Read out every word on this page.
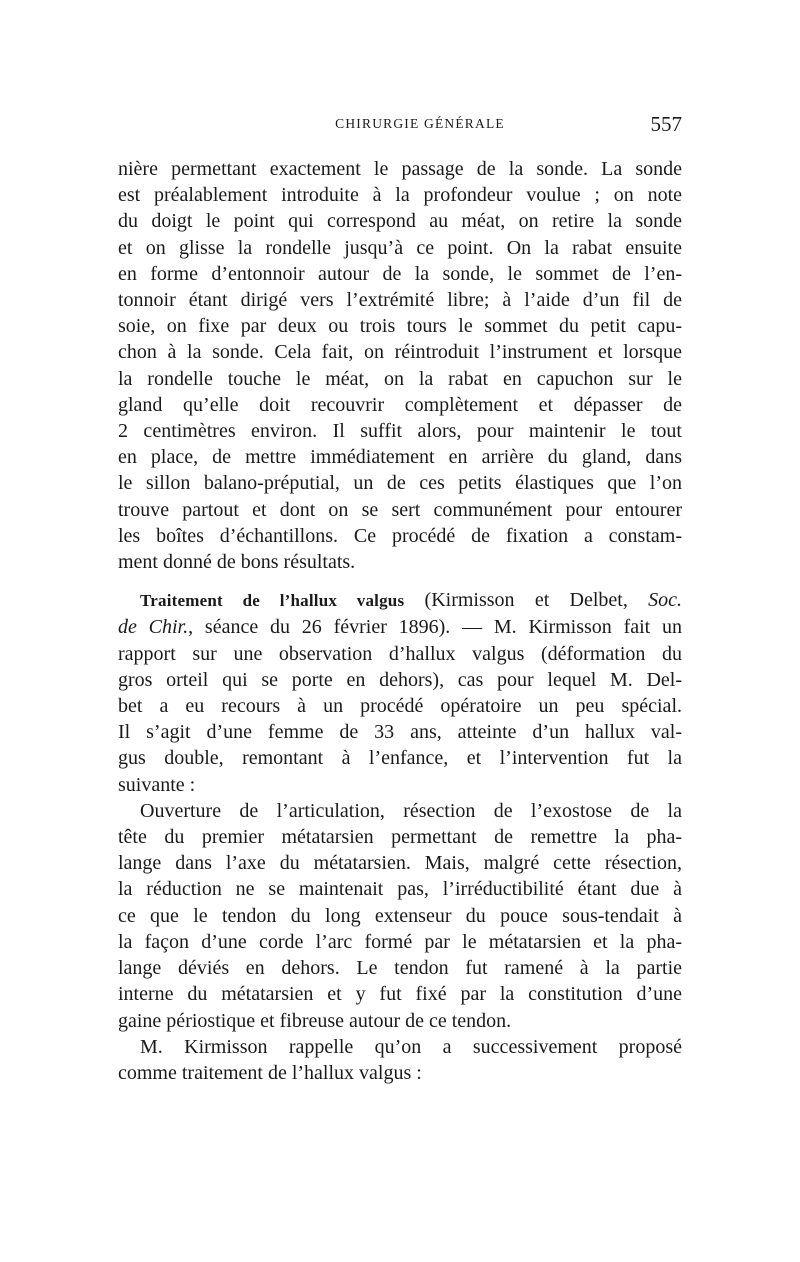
CHIRURGIE GÉNÉRALE	557

nière permettant exactement le passage de la sonde. La sonde
est préalablement introduite à la profondeur voulue ; on note
du doigt le point qui correspond au méat, on retire la sonde
et on glisse la rondelle jusqu’à ce point. On la rabat ensuite
en forme d’entonnoir autour de la sonde, le sommet de l’en-
tonnoir étant dirigé vers l’extrémité libre; à l’aide d’un fil de
soie, on fixe par deux ou trois tours le sommet du petit capu-
chon à la sonde. Cela fait, on réintroduit l’instrument et lorsque
la rondelle touche le méat, on la rabat en capuchon sur le
gland qu’elle doit recouvrir complètement et dépasser de
2 centimètres environ. Il suffit alors, pour maintenir le tout
en place, de mettre immédiatement en arrière du gland, dans
le sillon balano-préputial, un de ces petits élastiques que l’on
trouve partout et dont on se sert communément pour entourer
les boîtes d’échantillons. Ce procédé de fixation a constam-
ment donné de bons résultats.

Traitement de l’hallux valgus (Kirmisson et Delbet, Soc.
de Chir., séance du 26 février 1896). — M. Kirmisson fait un
rapport sur une observation d’hallux valgus (déformation du
gros orteil qui se porte en dehors), cas pour lequel M. Del-
bet a eu recours à un procédé opératoire un peu spécial.
Il s’agit d’une femme de 33 ans, atteinte d’un hallux val-
gus double, remontant à l’enfance, et l’intervention fut la
suivante :

Ouverture de l’articulation, résection de l’exostose de la
tête du premier métatarsien permettant de remettre la pha-
lange dans l’axe du métatarsien. Mais, malgré cette résection,
la réduction ne se maintenait pas, l’irréductibilité étant due à
ce que le tendon du long extenseur du pouce sous-tendait à
la façon d’une corde l’arc formé par le métatarsien et la pha-
lange déviés en dehors. Le tendon fut ramené à la partie
interne du métatarsien et y fut fixé par la constitution d’une
gaine périostique et fibreuse autour de ce tendon.

M. Kirmisson rappelle qu’on a successivement proposé
comme traitement de l’hallux valgus :
